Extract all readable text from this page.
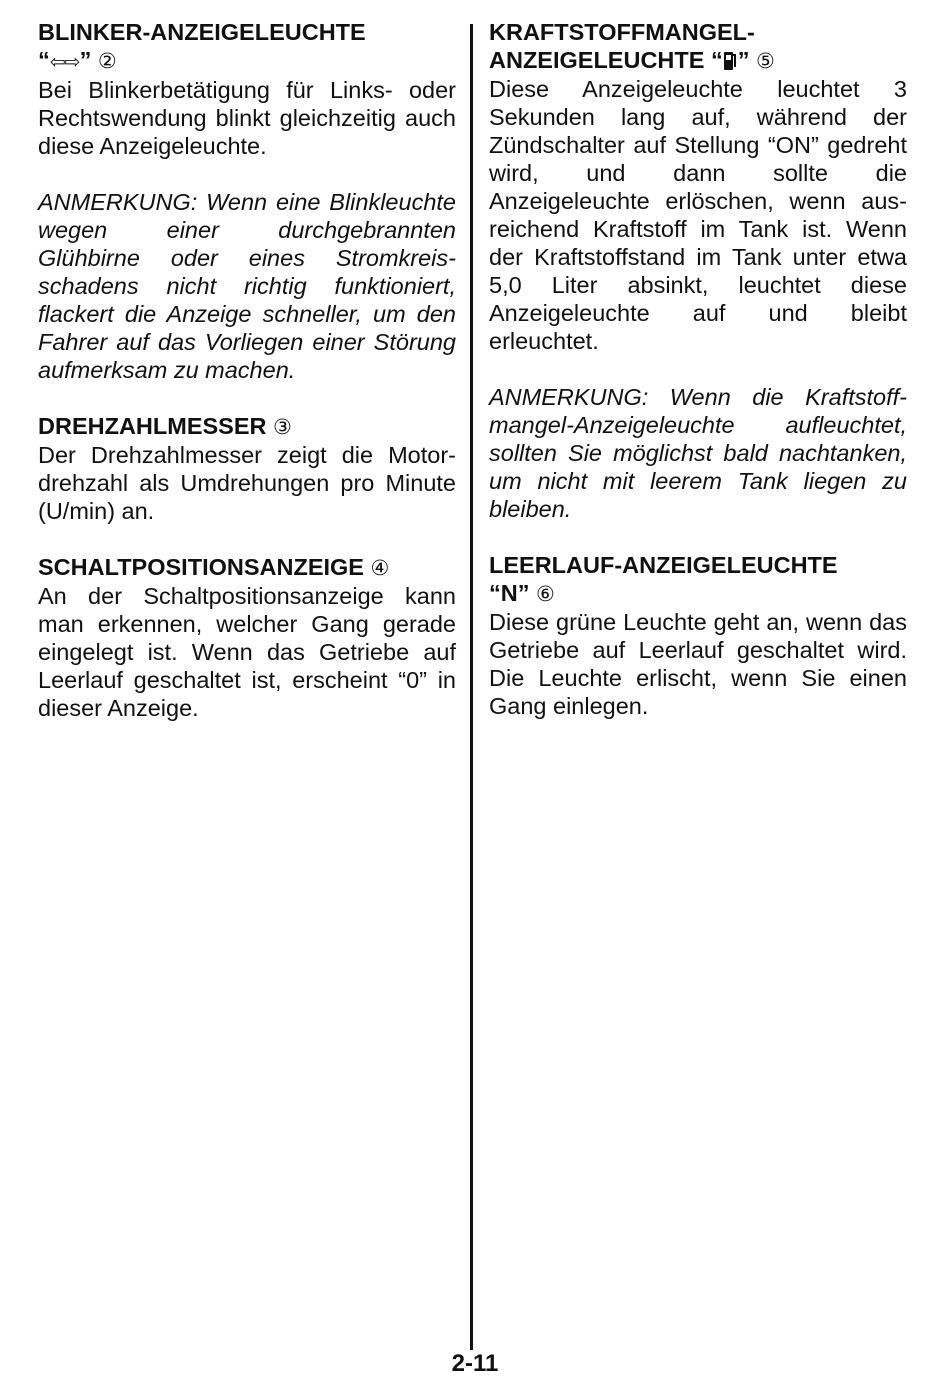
BLINKER-ANZEIGELEUCHTE
“⇦⇨” ②
Bei Blinkerbetätigung für Links- oder Rechtswendung blinkt gleichzeitig auch diese Anzeigeleuchte.
ANMERKUNG: Wenn eine Blinkleuchte wegen einer durchgebrannten Glühbirne oder eines Stromkreisschadens nicht richtig funktioniert, flackert die Anzeige schneller, um den Fahrer auf das Vorliegen einer Störung aufmerksam zu machen.
DREHZAHLMESSER ③
Der Drehzahlmesser zeigt die Motordrehzahl als Umdrehungen pro Minute (U/min) an.
SCHALTPOSITIONSANZEIGE ④
An der Schaltpositionsanzeige kann man erkennen, welcher Gang gerade eingelegt ist. Wenn das Getriebe auf Leerlauf geschaltet ist, erscheint “0” in dieser Anzeige.
KRAFTSTOFFMANGEL-
ANZEIGELEUCHTE “ ” ⑤
Diese Anzeigeleuchte leuchtet 3 Sekunden lang auf, während der Zündschalter auf Stellung “ON” gedreht wird, und dann sollte die Anzeigeleuchte erlöschen, wenn ausreichend Kraftstoff im Tank ist. Wenn der Kraftstoffstand im Tank unter etwa 5,0 Liter absinkt, leuchtet diese Anzeigeleuchte auf und bleibt erleuchtet.
ANMERKUNG: Wenn die Kraftstoffmangel-Anzeigeleuchte aufleuchtet, sollten Sie möglichst bald nachtanken, um nicht mit leerem Tank liegen zu bleiben.
LEERLAUF-ANZEIGELEUCHTE
“N” ⑥
Diese grüne Leuchte geht an, wenn das Getriebe auf Leerlauf geschaltet wird. Die Leuchte erlischt, wenn Sie einen Gang einlegen.
2-11
